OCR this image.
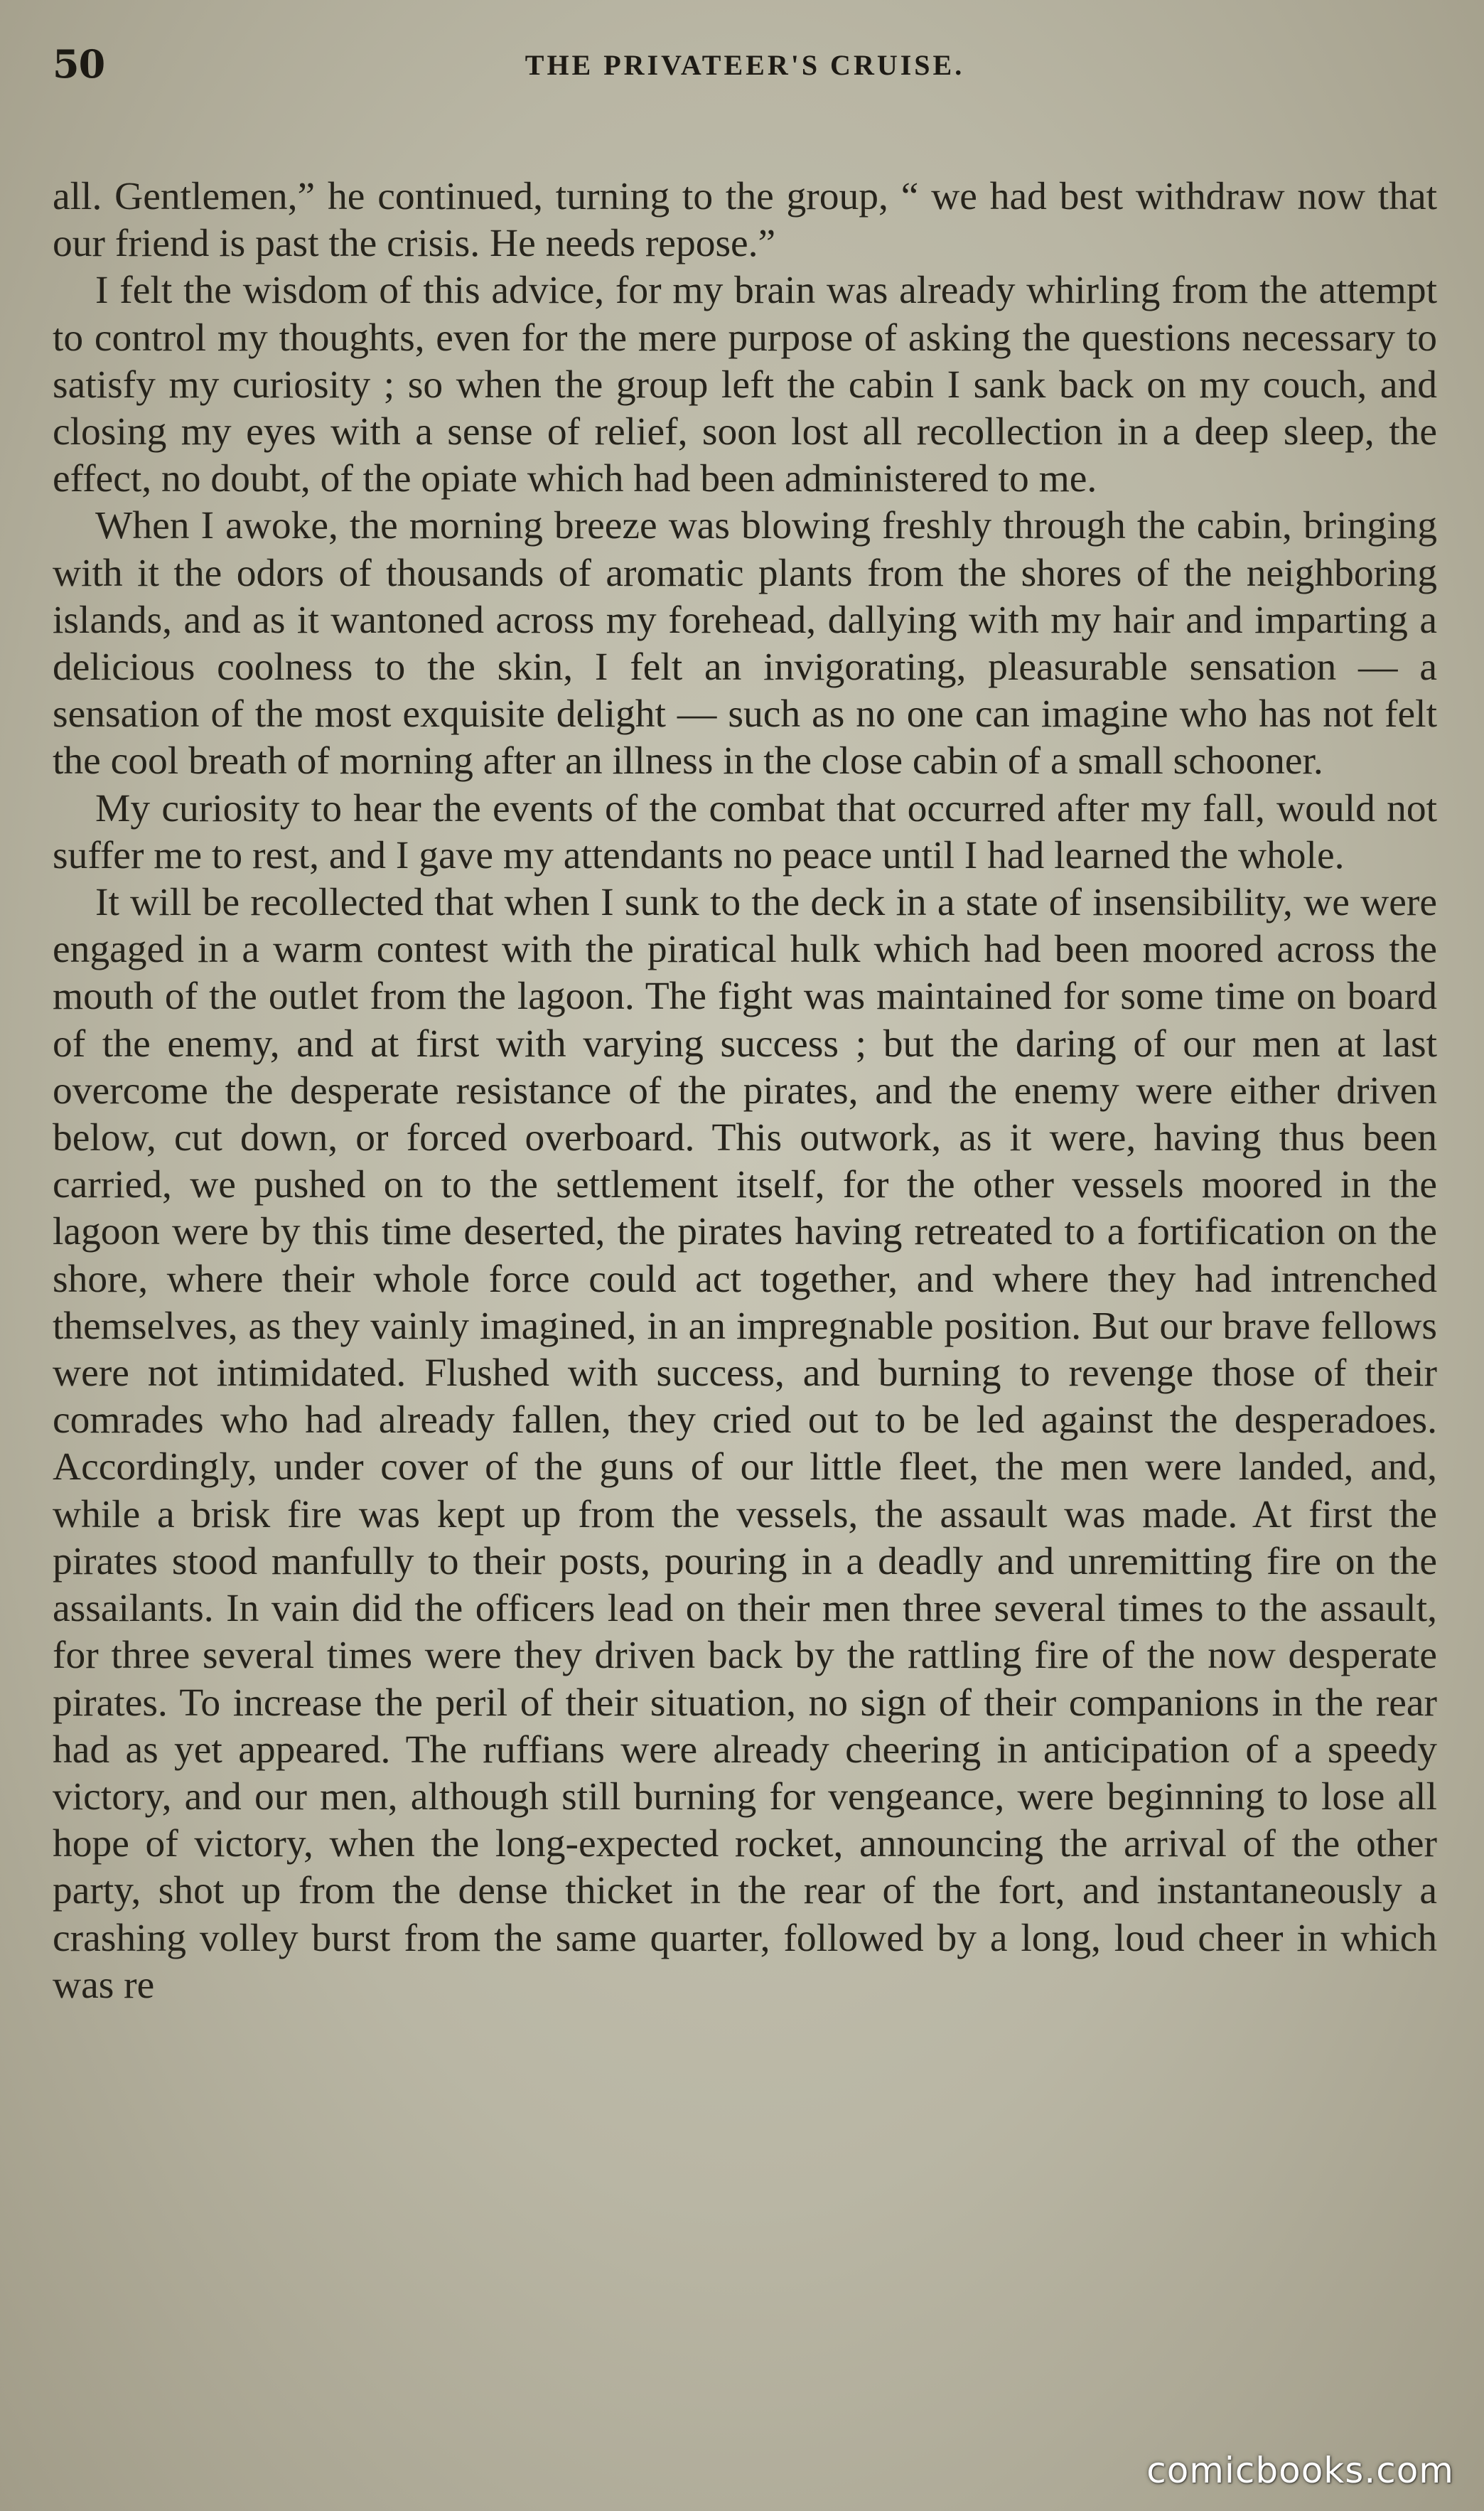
50	THE PRIVATEER'S CRUISE.

all. Gentlemen,” he continued, turning to the group, “ we had best withdraw now that our friend is past the crisis. He needs repose.”

I felt the wisdom of this advice, for my brain was already whirling from the attempt to control my thoughts, even for the mere purpose of asking the questions necessary to satisfy my curiosity ; so when the group left the cabin I sank back on my couch, and closing my eyes with a sense of relief, soon lost all recollection in a deep sleep, the effect, no doubt, of the opiate which had been administered to me.

When I awoke, the morning breeze was blowing freshly through the cabin, bringing with it the odors of thousands of aromatic plants from the shores of the neighboring islands, and as it wantoned across my forehead, dallying with my hair and imparting a delicious coolness to the skin, I felt an invigorating, pleasurable sensation — a sensation of the most exquisite delight — such as no one can imagine who has not felt the cool breath of morning after an illness in the close cabin of a small schooner.

My curiosity to hear the events of the combat that occurred after my fall, would not suffer me to rest, and I gave my attendants no peace until I had learned the whole.

It will be recollected that when I sunk to the deck in a state of insensibility, we were engaged in a warm contest with the piratical hulk which had been moored across the mouth of the outlet from the lagoon. The fight was maintained for some time on board of the enemy, and at first with varying success ; but the daring of our men at last overcome the desperate resistance of the pirates, and the enemy were either driven below, cut down, or forced overboard. This outwork, as it were, having thus been carried, we pushed on to the settlement itself, for the other vessels moored in the lagoon were by this time deserted, the pirates having retreated to a fortification on the shore, where their whole force could act together, and where they had intrenched themselves, as they vainly imagined, in an impregnable position. But our brave fellows were not intimidated. Flushed with success, and burning to revenge those of their comrades who had already fallen, they cried out to be led against the desperadoes. Accordingly, under cover of the guns of our little fleet, the men were landed, and, while a brisk fire was kept up from the vessels, the assault was made. At first the pirates stood manfully to their posts, pouring in a deadly and unremitting fire on the assailants. In vain did the officers lead on their men three several times to the assault, for three several times were they driven back by the rattling fire of the now desperate pirates. To increase the peril of their situation, no sign of their companions in the rear had as yet appeared. The ruffians were already cheering in anticipation of a speedy victory, and our men, although still burning for vengeance, were beginning to lose all hope of victory, when the long-expected rocket, announcing the arrival of the other party, shot up from the dense thicket in the rear of the fort, and instantaneously a crashing volley burst from the same quarter, followed by a long, loud cheer in which was re

comicbooks.com
